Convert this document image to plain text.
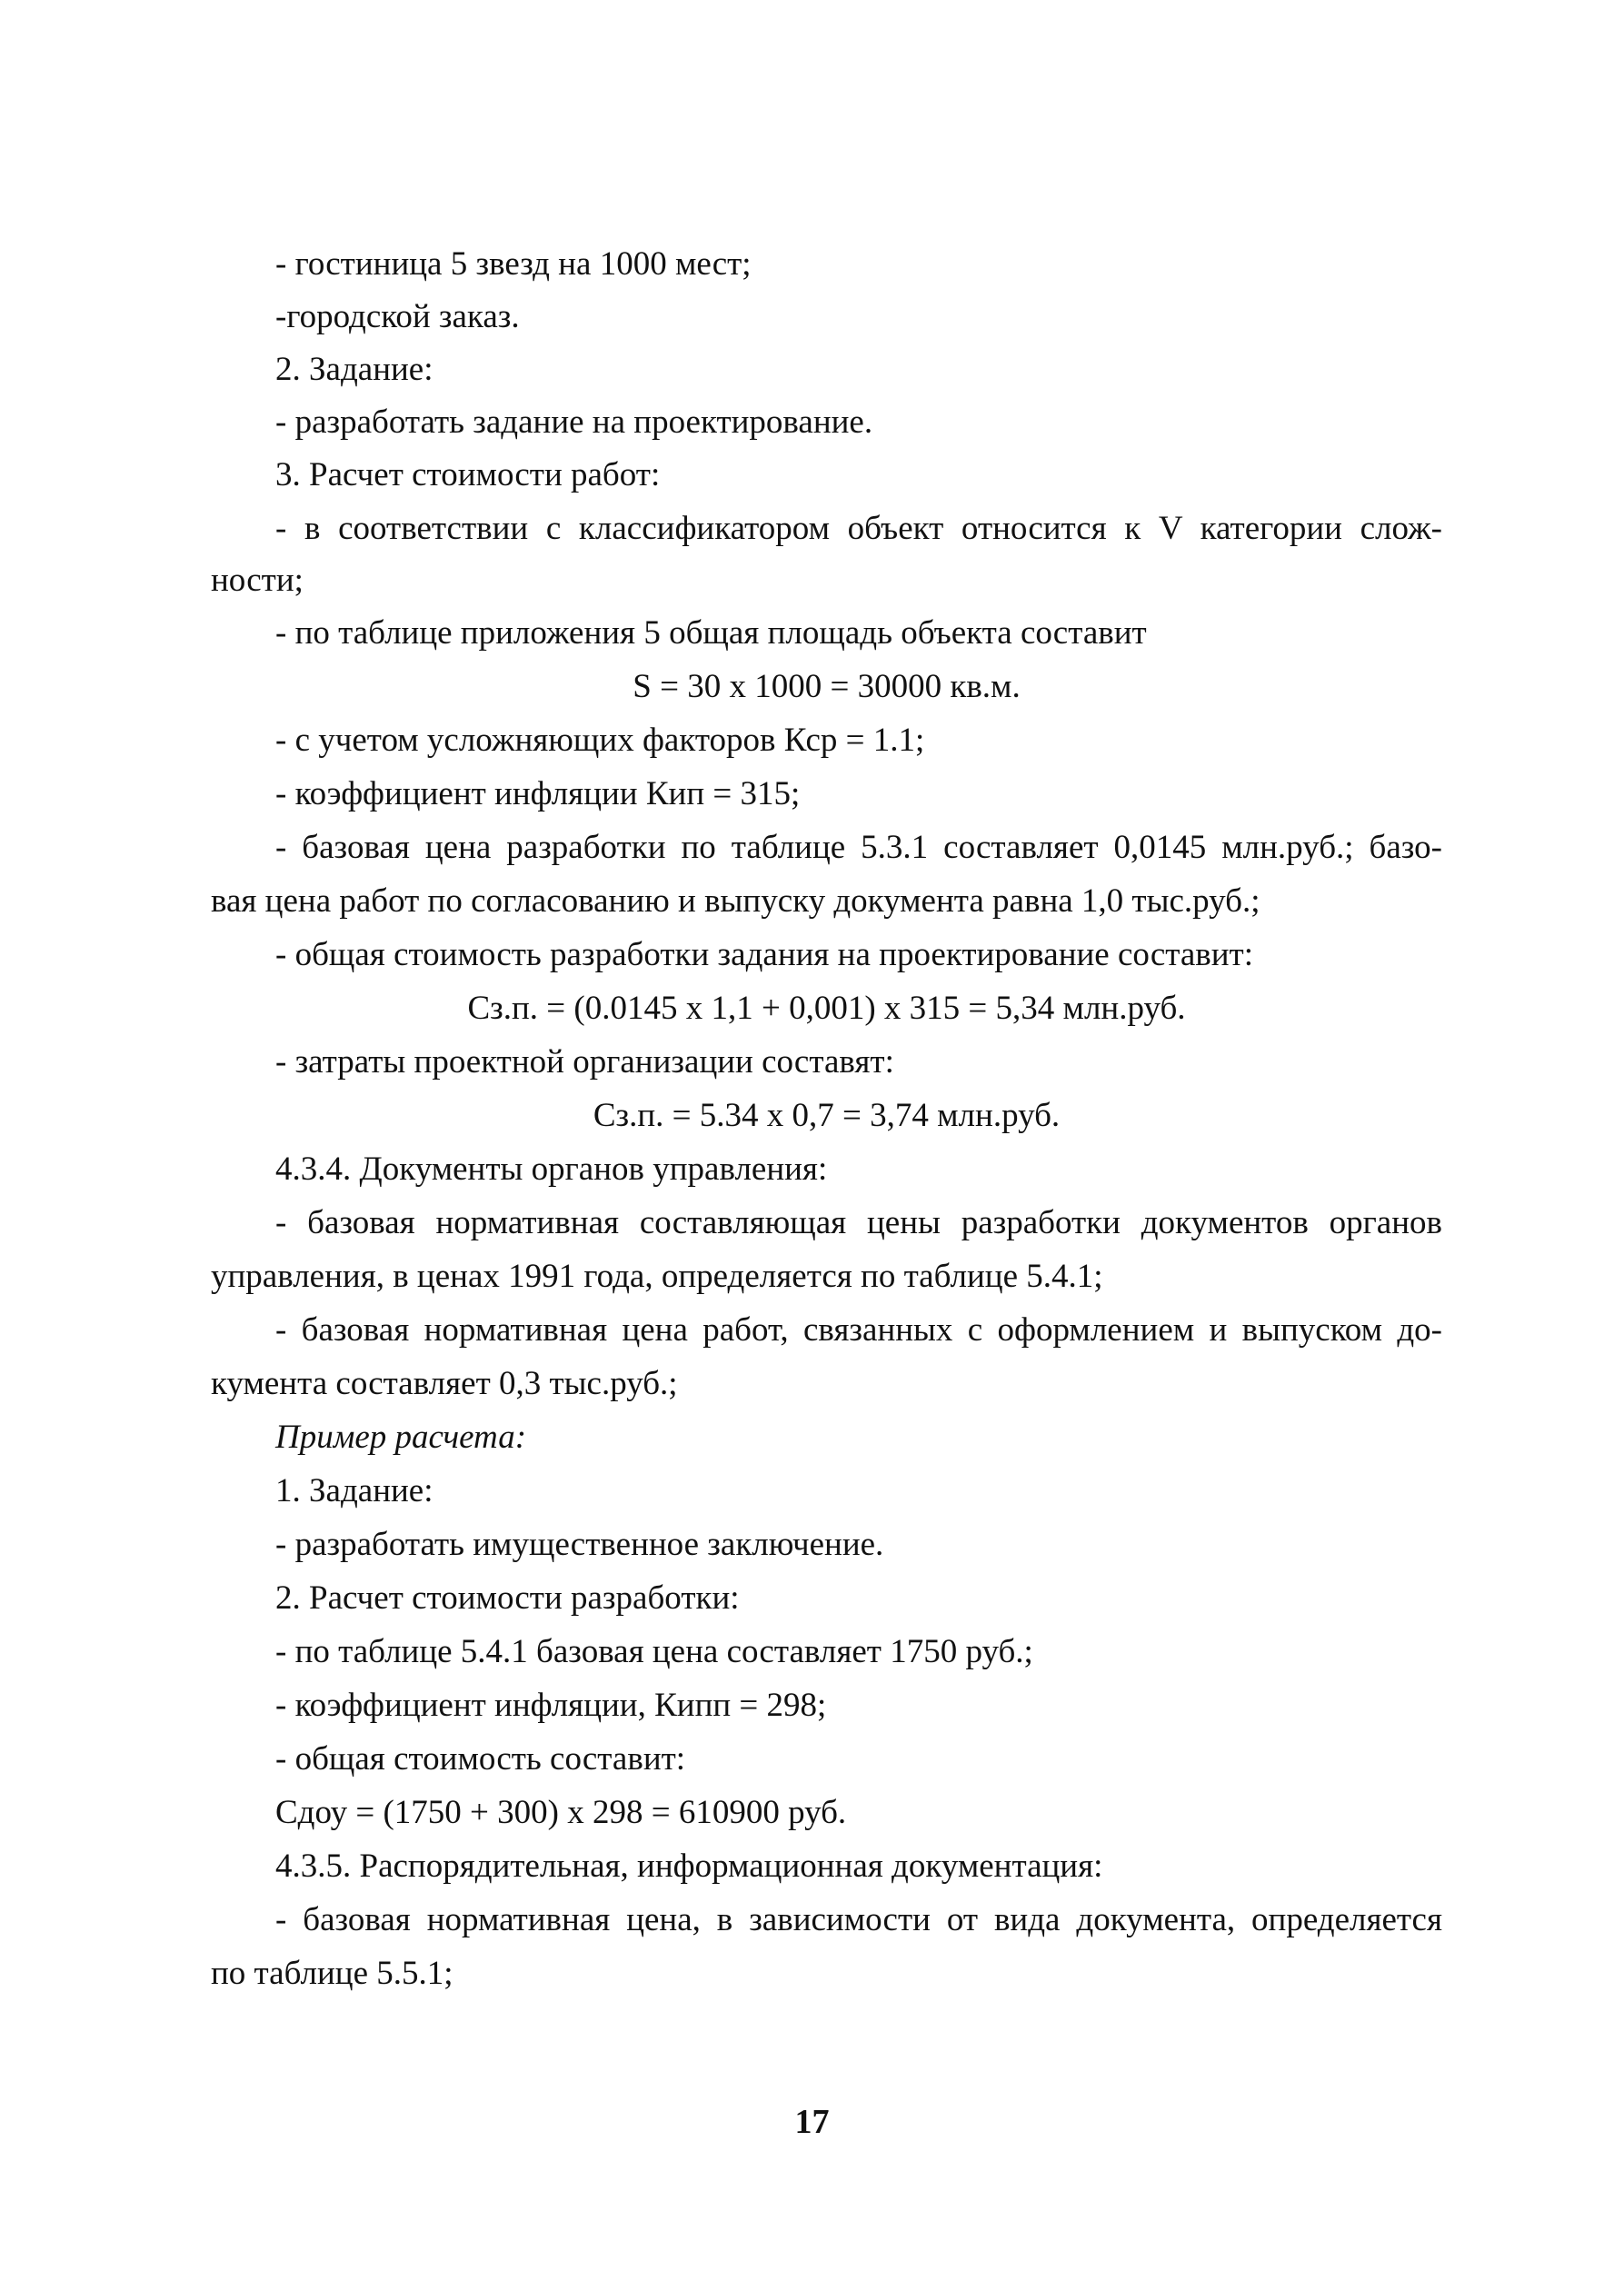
- гостиница 5 звезд на 1000 мест;
-городской заказ.
2. Задание:
- разработать задание на проектирование.
3. Расчет стоимости работ:
- в соответствии с классификатором объект относится к V категории слож-
ности;
- по таблице приложения 5 общая площадь объекта составит
S = 30 x 1000 = 30000 кв.м.
- с учетом усложняющих факторов Кср = 1.1;
- коэффициент инфляции Кип = 315;
- базовая цена разработки по таблице 5.3.1 составляет 0,0145 млн.руб.; базо-
вая цена работ по согласованию и выпуску документа равна 1,0 тыс.руб.;
- общая стоимость разработки задания на проектирование составит:
Сз.п. = (0.0145 x 1,1 + 0,001) x 315 = 5,34 млн.руб.
- затраты проектной организации составят:
Сз.п. = 5.34 x 0,7 = 3,74 млн.руб.
4.3.4. Документы органов управления:
- базовая нормативная составляющая цены разработки документов органов
управления, в ценах 1991 года, определяется по таблице 5.4.1;
- базовая нормативная цена работ, связанных с оформлением и выпуском до-
кумента составляет 0,3 тыс.руб.;
Пример расчета:
1. Задание:
- разработать имущественное заключение.
2. Расчет стоимости разработки:
- по таблице 5.4.1 базовая цена составляет 1750 руб.;
- коэффициент инфляции, Кипп = 298;
- общая стоимость составит:
Сдоу = (1750 + 300) x 298 = 610900 руб.
4.3.5. Распорядительная, информационная документация:
- базовая нормативная цена, в зависимости от вида документа, определяется
по таблице 5.5.1;
17
